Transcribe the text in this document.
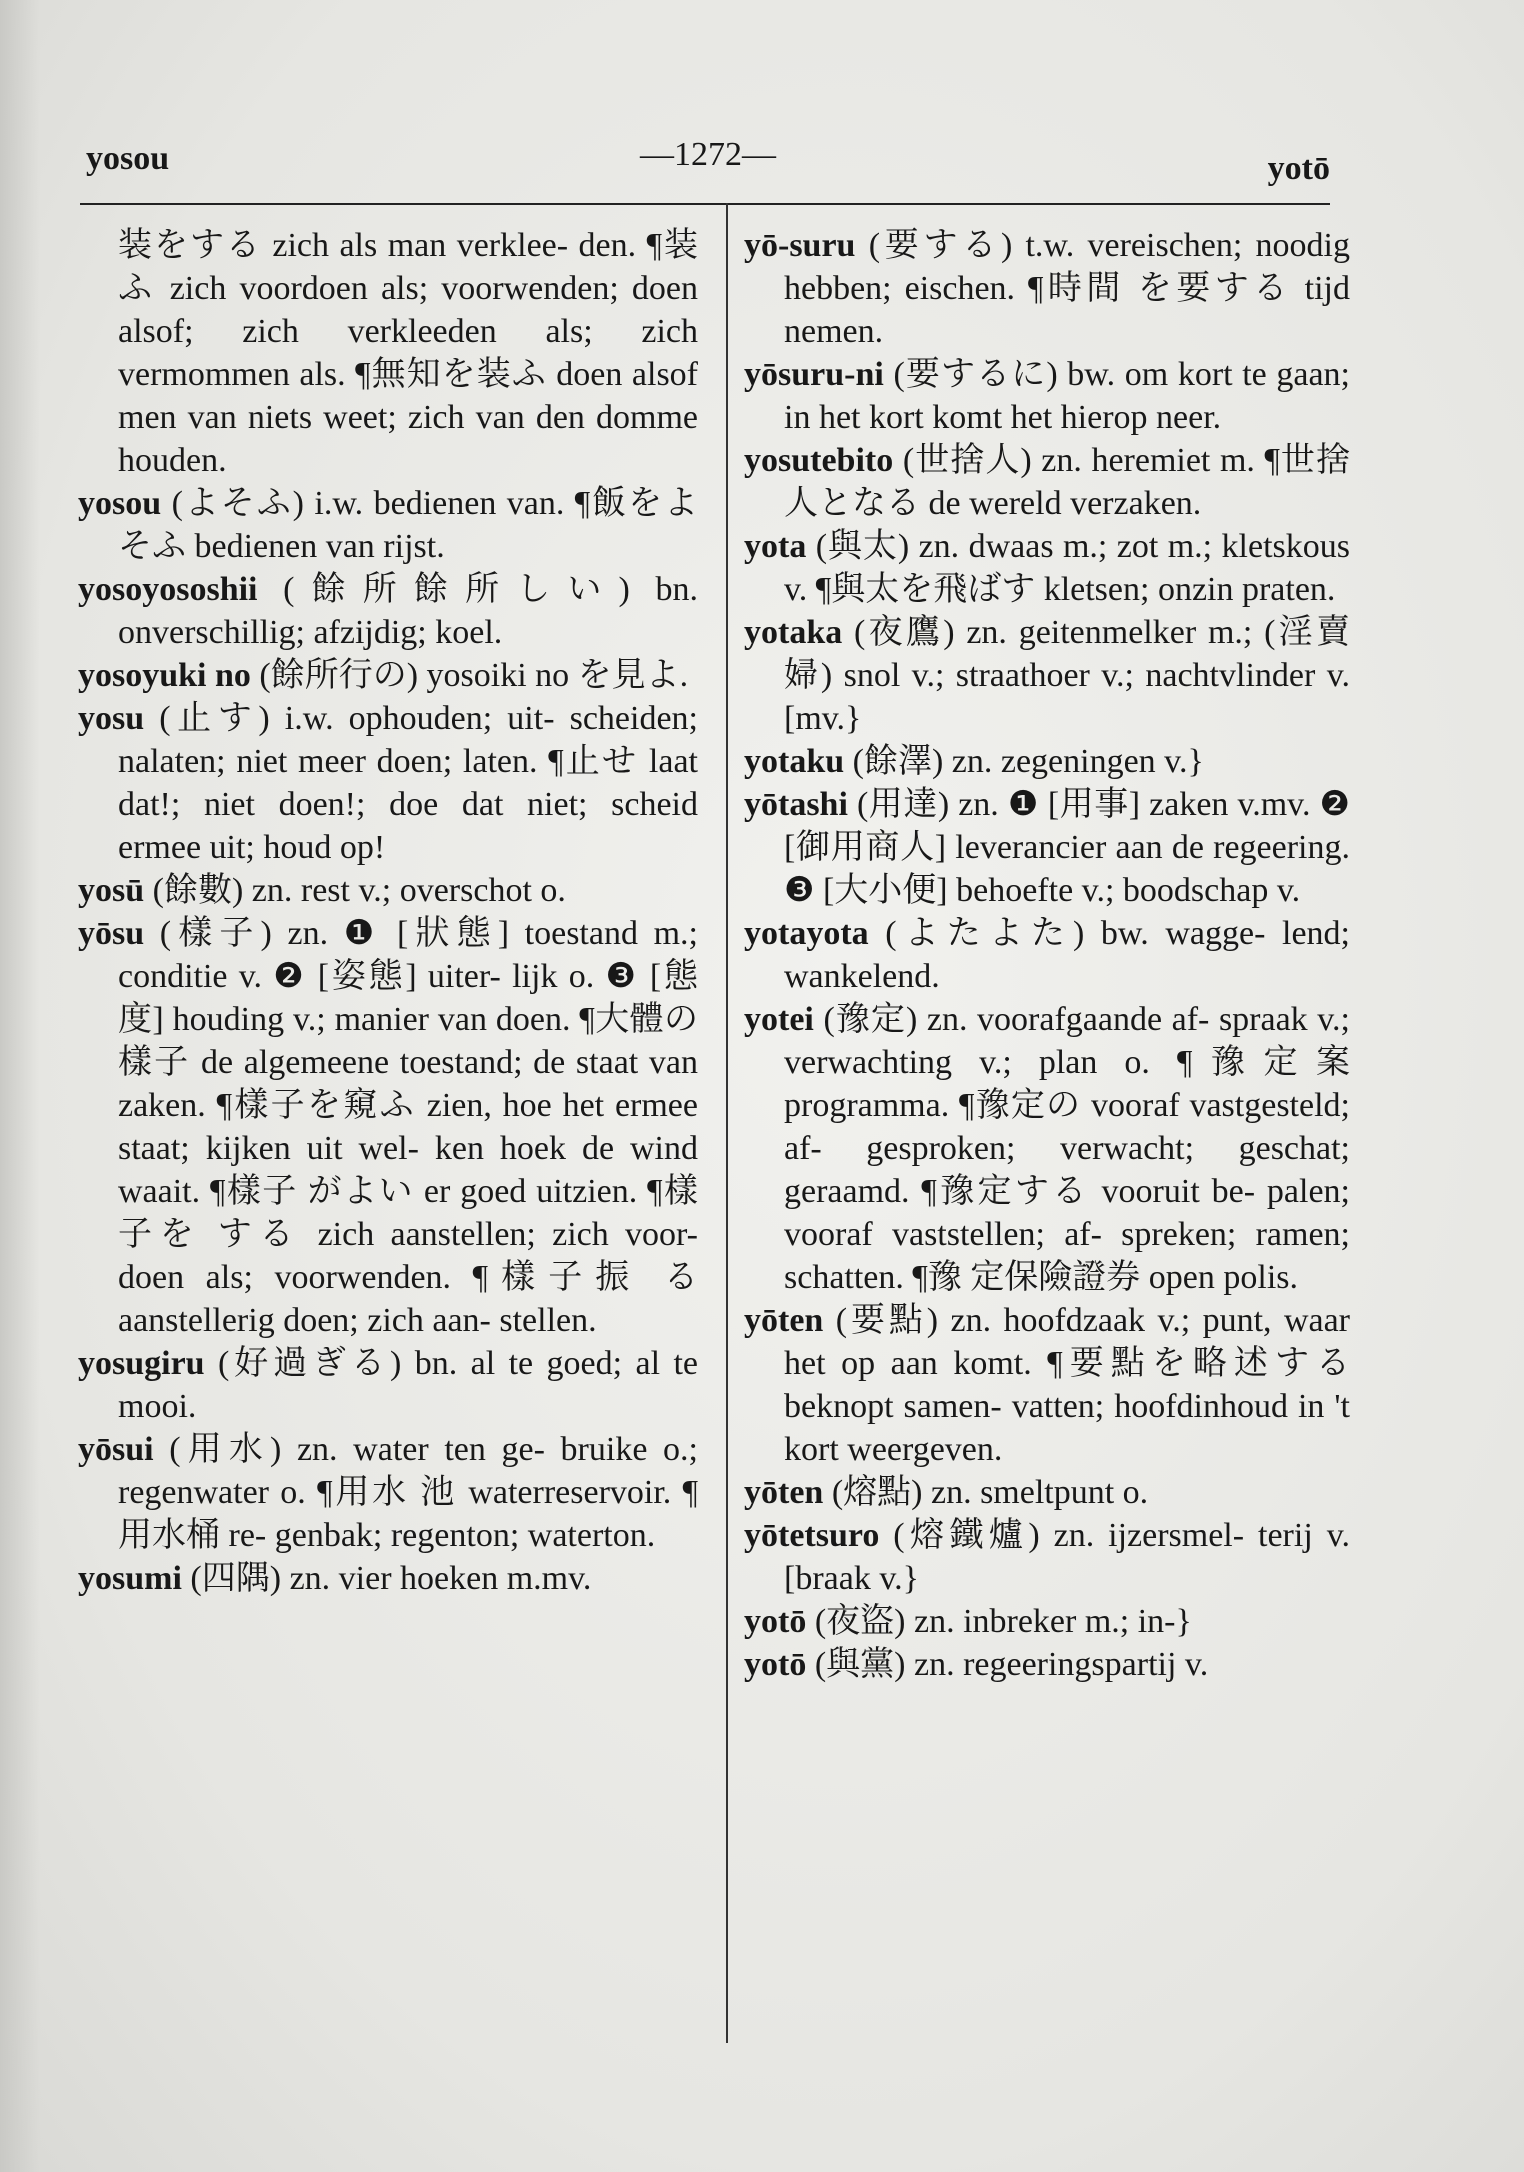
yosou	—1272—	yotō

装をする zich als man verklee- den. ¶装ふ zich voordoen als; voorwenden; doen alsof; zich verkleeden als; zich vermommen als. ¶無知を装ふ doen alsof men van niets weet; zich van den domme houden.

yosou (よそふ) i.w. bedienen van. ¶飯をよそふ bedienen van rijst.

yosoyososhii (餘所餘所しい) bn. onverschillig; afzijdig; koel.

yosoyuki no (餘所行の) yosoiki no を見よ.

yosu (止す) i.w. ophouden; uit- scheiden; nalaten; niet meer doen; laten. ¶止せ laat dat!; niet doen!; doe dat niet; scheid ermee uit; houd op!

yosū (餘數) zn. rest v.; overschot o.

yōsu (樣子) zn. ❶ [狀態] toestand m.; conditie v. ❷ [姿態] uiter- lijk o. ❸ [態度] houding v.; manier van doen. ¶大體の樣子 de algemeene toestand; de staat van zaken. ¶樣子を窺ふ zien, hoe het ermee staat; kijken uit wel- ken hoek de wind waait. ¶樣子 がよい er goed uitzien. ¶樣子を する zich aanstellen; zich voor- doen als; voorwenden. ¶樣子振 る aanstellerig doen; zich aan- stellen.

yosugiru (好過ぎる) bn. al te goed; al te mooi.

yōsui (用水) zn. water ten ge- bruike o.; regenwater o. ¶用水 池 waterreservoir. ¶用水桶 re- genbak; regenton; waterton.

yosumi (四隅) zn. vier hoeken m.mv.

yō-suru (要する) t.w. vereischen; noodig hebben; eischen. ¶時間 を要する tijd nemen.

yōsuru-ni (要するに) bw. om kort te gaan; in het kort komt het hierop neer.

yosutebito (世捨人) zn. heremiet m. ¶世捨人となる de wereld verzaken.

yota (與太) zn. dwaas m.; zot m.; kletskous v. ¶與太を飛ばす kletsen; onzin praten.

yotaka (夜鷹) zn. geitenmelker m.; (淫賣婦) snol v.; straathoer v.; nachtvlinder v. [mv.}

yotaku (餘澤) zn. zegeningen v.}

yōtashi (用達) zn. ❶ [用事] zaken v.mv. ❷ [御用商人] leverancier aan de regeering. ❸ [大小便] behoefte v.; boodschap v.

yotayota (よたよた) bw. wagge- lend; wankelend.

yotei (豫定) zn. voorafgaande af- spraak v.; verwachting v.; plan o. ¶豫定案 programma. ¶豫定の vooraf vastgesteld; af- gesproken; verwacht; geschat; geraamd. ¶豫定する vooruit be- palen; vooraf vaststellen; af- spreken; ramen; schatten. ¶豫 定保險證券 open polis.

yōten (要點) zn. hoofdzaak v.; punt, waar het op aan komt. ¶要點を略述する beknopt samen- vatten; hoofdinhoud in 't kort weergeven.

yōten (熔點) zn. smeltpunt o.

yōtetsuro (熔鐵爐) zn. ijzersmel- terij v. [braak v.}

yotō (夜盜) zn. inbreker m.; in-}

yotō (與黨) zn. regeeringspartij v.
